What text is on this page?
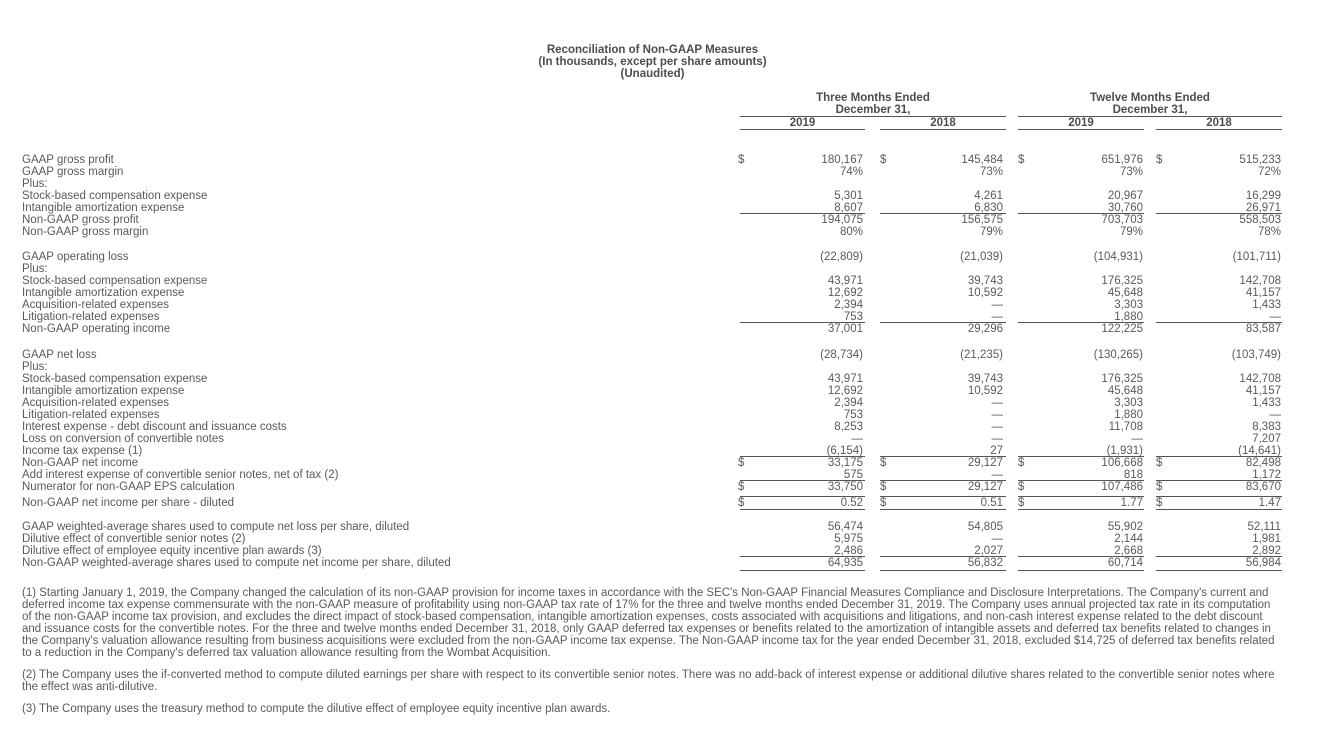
Reconciliation of Non-GAAP Measures
(In thousands, except per share amounts)
(Unaudited)
Three Months Ended
December 31,
Twelve Months Ended
December 31,
2019	2018	2019	2018
GAAP gross profit	180,167	145,484	651,976	515,233
$	$	$	$
GAAP gross margin	74%	73%	73%	72%
Plus:
Stock-based compensation expense	5,301	4,261	20,967	16,299
Intangible amortization expense	8,607	6,830	30,760	26,971
Non-GAAP gross profit	194,075	156,575	703,703	558,503
Non-GAAP gross margin	80%	79%	79%	78%
GAAP operating loss	(22,809)	(21,039)	(104,931)	(101,711)
Plus:
Stock-based compensation expense	43,971	39,743	176,325	142,708
Intangible amortization expense	12,692	10,592	45,648	41,157
Acquisition-related expenses	2,394	—	3,303	1,433
Litigation-related expenses	753	—	1,880	—
Non-GAAP operating income	37,001	29,296	122,225	83,587
GAAP net loss	(28,734)	(21,235)	(130,265)	(103,749)
Plus:
Stock-based compensation expense	43,971	39,743	176,325	142,708
Intangible amortization expense	12,692	10,592	45,648	41,157
Acquisition-related expenses	2,394	—	3,303	1,433
Litigation-related expenses	753	—	1,880	—
Interest expense - debt discount and issuance costs	8,253	—	11,708	8,383
Loss on conversion of convertible notes	—	—	—	7,207
Income tax expense (1)	(6,154)	27	(1,931)	(14,641)
Non-GAAP net income	33,175	29,127	106,668	82,498
$	$	$	$
Add interest expense of convertible senior notes, net of tax (2)	575	—	818	1,172
Numerator for non-GAAP EPS calculation	33,750	29,127	107,486	83,670
$	$	$	$
Non-GAAP net income per share - diluted	0.52	0.51	1.77	1.47
$	$	$	$
GAAP weighted-average shares used to compute net loss per share, diluted	56,474	54,805	55,902	52,111
Dilutive effect of convertible senior notes (2)	5,975	—	2,144	1,981
Dilutive effect of employee equity incentive plan awards (3)	2,486	2,027	2,668	2,892
Non-GAAP weighted-average shares used to compute net income per share, diluted	64,935	56,832	60,714	56,984

(1) Starting January 1, 2019, the Company changed the calculation of its non-GAAP provision for income taxes in accordance with the SEC's Non-GAAP Financial Measures Compliance and Disclosure Interpretations. The Company's current and deferred income tax expense commensurate with the non-GAAP measure of profitability using non-GAAP tax rate of 17% for the three and twelve months ended December 31, 2019. The Company uses annual projected tax rate in its computation of the non-GAAP income tax provision, and excludes the direct impact of stock-based compensation, intangible amortization expenses, costs associated with acquisitions and litigations, and non-cash interest expense related to the debt discount and issuance costs for the convertible notes. For the three and twelve months ended December 31, 2018, only GAAP deferred tax expenses or benefits related to the amortization of intangible assets and deferred tax benefits related to changes in the Company's valuation allowance resulting from business acquisitions were excluded from the non-GAAP income tax expense. The Non-GAAP income tax for the year ended December 31, 2018, excluded $14,725 of deferred tax benefits related to a reduction in the Company's deferred tax valuation allowance resulting from the Wombat Acquisition.

(2) The Company uses the if-converted method to compute diluted earnings per share with respect to its convertible senior notes. There was no add-back of interest expense or additional dilutive shares related to the convertible senior notes where the effect was anti-dilutive.

(3) The Company uses the treasury method to compute the dilutive effect of employee equity incentive plan awards.
